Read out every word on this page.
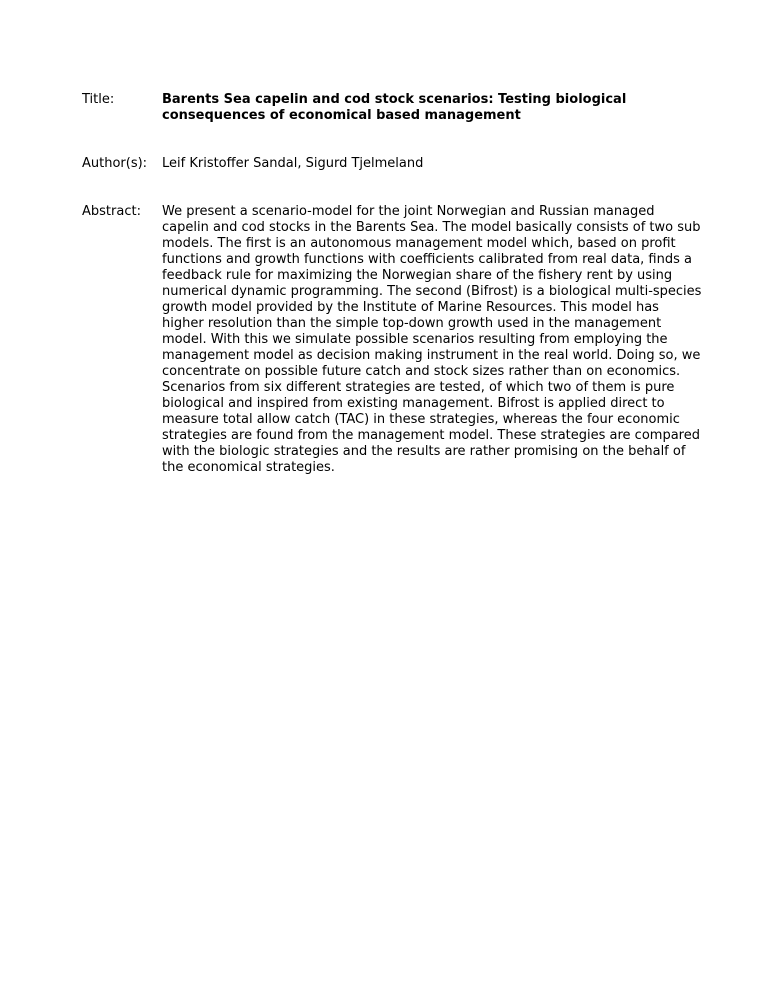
Title:	Barents Sea capelin and cod stock scenarios: Testing biological consequences of economical based management
Author(s): Leif Kristoffer Sandal, Sigurd Tjelmeland
Abstract:	We present a scenario-model for the joint Norwegian and Russian managed capelin and cod stocks in the Barents Sea. The model basically consists of two sub models. The first is an autonomous management model which, based on profit functions and growth functions with coefficients calibrated from real data, finds a feedback rule for maximizing the Norwegian share of the fishery rent by using numerical dynamic programming. The second (Bifrost) is a biological multi-species growth model provided by the Institute of Marine Resources. This model has higher resolution than the simple top-down growth used in the management model. With this we simulate possible scenarios resulting from employing the management model as decision making instrument in the real world. Doing so, we concentrate on possible future catch and stock sizes rather than on economics. Scenarios from six different strategies are tested, of which two of them is pure biological and inspired from existing management. Bifrost is applied direct to measure total allow catch (TAC) in these strategies, whereas the four economic strategies are found from the management model. These strategies are compared with the biologic strategies and the results are rather promising on the behalf of the economical strategies.
